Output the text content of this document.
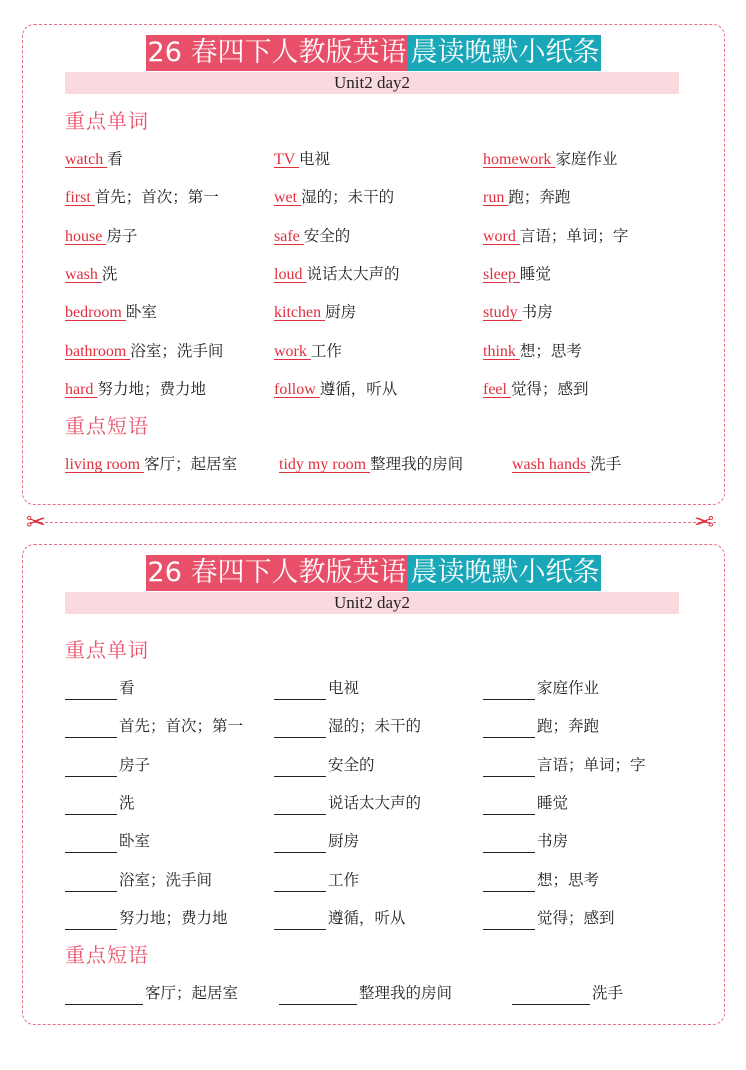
26 春四下人教版英语 晨读晚默小纸条
Unit2 day2
重点单词
watch 看	TV 电视	homework 家庭作业
first 首先；首次；第一	wet 湿的；未干的	run 跑；奔跑
house 房子	safe 安全的	word 言语；单词；字
wash 洗	loud 说话太大声的	sleep 睡觉
bedroom 卧室	kitchen 厨房	study 书房
bathroom 浴室；洗手间	work 工作	think 想；思考
hard 努力地；费力地	follow 遵循，听从	feel 觉得；感到
重点短语
living room 客厅；起居室	tidy my room 整理我的房间	wash hands 洗手
✂	✂
26 春四下人教版英语 晨读晚默小纸条
Unit2 day2
重点单词
看	电视	家庭作业
首先；首次；第一	湿的；未干的	跑；奔跑
房子	安全的	言语；单词；字
洗	说话太大声的	睡觉
卧室	厨房	书房
浴室；洗手间	工作	想；思考
努力地；费力地	遵循，听从	觉得；感到
重点短语
客厅；起居室	整理我的房间	洗手
